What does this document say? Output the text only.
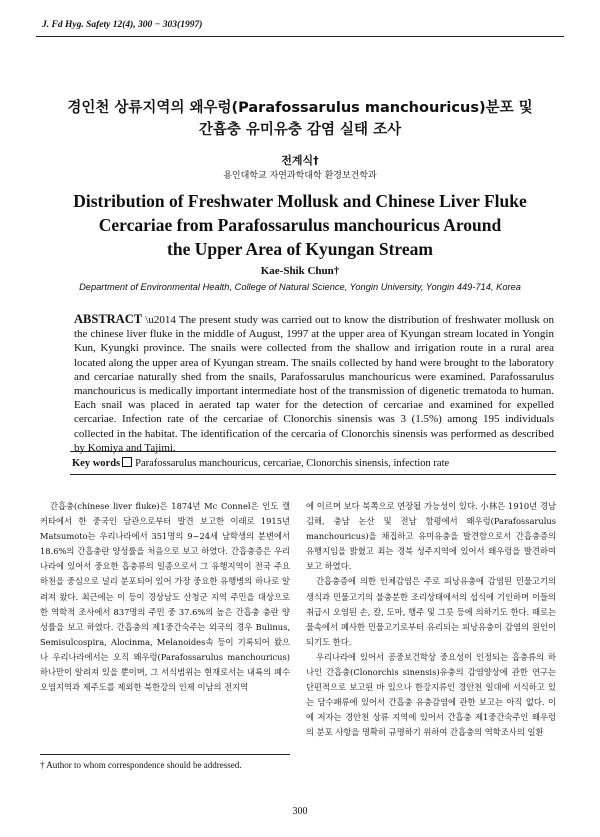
J. Fd Hyg. Safety 12(4), 300 − 303(1997)
경인천 상류지역의 왜우렁(Parafossarulus manchouricus)분포 및
간흡충 유미유충 감염 실태 조사
전계식†
용인대학교 자연과학대학 환경보건학과
Distribution of Freshwater Mollusk and Chinese Liver Fluke
Cercariae from Parafossarulus manchouricus Around
the Upper Area of Kyungan Stream
Kae-Shik Chun†
Department of Environmental Health, College of Natural Science, Yongin University, Yongin 449-714, Korea
ABSTRACT \u2014 The present study was carried out to know the distribution of freshwater mollusk on the chinese liver fluke in the middle of August, 1997 at the upper area of Kyungan stream located in Yongin Kun, Kyungki province. The snails were collected from the shallow and irrigation route in a rural area located along the upper area of Kyungan stream. The snails collected by hand were brought to the laboratory and cercariae naturally shed from the snails, Parafossarulus manchouricus were examined. Parafossarulus manchouricus is medically important intermediate host of the transmission of digenetic trematoda to human. Each snail was placed in aerated tap water for the detection of cercariae and examined for expelled cercariae. Infection rate of the cercariae of Clonorchis sinensis was 3 (1.5%) among 195 individuals collected in the habitat. The identification of the cercaria of Clonorchis sinensis was performed as described by Komiya and Tajimi.
Key words Parafossarulus manchouricus, cercariae, Clonorchis sinensis, infection rate

간흡충(chinese liver fluke)은 1874년 Mc Connel은 인도 캘커타에서 한 중국인 담관으로부터 발견 보고한 이래로 1915년 Matsumoto는 우리나라에서 351명의 9~24세 남학생의 분변에서 18.6%의 간흡충란 양성률을 처음으로 보고 하였다. 간흡충증은 우리나라에 있어서 중요한 흡충류의 일종으로서 그 유행지역이 전국 주요 하천을 중심으로 널리 분포되어 있어 가장 중요한 유행병의 하나로 알려져 왔다. 최근에는 이 등이 경상남도 산청군 지역 주민을 대상으로 한 역학적 조사에서 837명의 주민 중 37.6%의 높은 간흡충 충란 양성률을 보고 하였다. 간흡충의 제1중간숙주는 외국의 경우 Bulinus, Semisulcospira, Alocinma, Melanoides속 등이 기록되어 왔으나 우리나라에서는 오직 왜우렁(Parafossarulus manchouricus) 하나만이 알려져 있을 뿐이며, 그 서식범위는 현재로서는 내륙의 폐수오염지역과 제주도를 제외한 북한강의 인제 이남의 전지역

에 이르며 보다 북쪽으로 연장될 가능성이 있다. 小林은 1910년 경남 김해, 충남 논산 및 전남 함평에서 왜우렁(Parafossarulus manchouricus)을 채집하고 유미유충을 발견함으로서 간흡충증의 유행지임을 밝혔고 최는 경북 성주지역에 있어서 왜우렁을 발견하여 보고 하였다.

간흡충증에 의한 인체감염은 주로 피낭유충에 감염된 민물고기의 생식과 민물고기의 불충분한 조리상태에서의 섭식에 기인하며 이들의 취급시 오염된 손, 칼, 도마, 행주 및 그릇 등에 의하기도 한다. 때로는 물속에서 폐사한 민물고기로부터 유리되는 피낭유충이 감염의 원인이 되기도 한다.

우리나라에 있어서 공중보건학상 중요성이 인정되는 흡충류의 하나인 간흡충(Clonorchis sinensis)유충의 감염양상에 관한 연구는 단편적으로 보고된 바 있으나 한강지류인 경안천 일대에 서식하고 있는 담수패류에 있어서 간흡충 유충감염에 관한 보고는 아직 없다. 이에 저자는 경안천 상류 지역에 있어서 간흡충 제1중간숙주인 왜우렁의 분포 사항을 명확히 규명하기 위하여 간흡충의 역학조사의 일환

† Author to whom correspondence should be addressed.
300
